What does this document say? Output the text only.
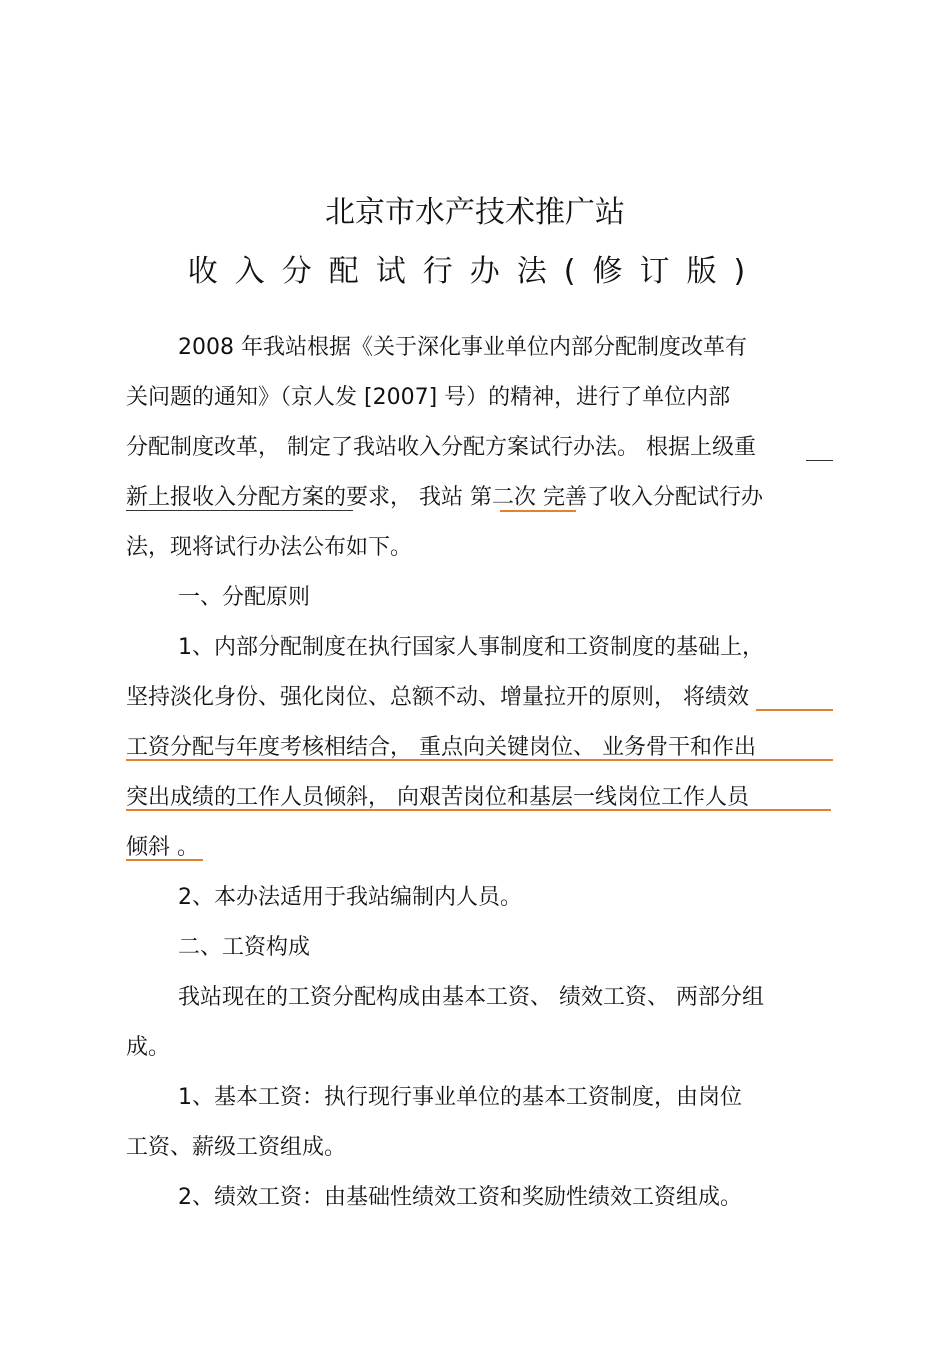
北京市水产技术推广站
收入分配试行办法(修订版)

2008 年我站根据《关于深化事业单位内部分配制度改革有

关问题的通知》（京人发 [2007] 号）的精神，进行了单位内部

分配制度改革， 制定了我站收入分配方案试行办法。 根据上级重

新上报收入分配方案的要求， 我站 第二次 完善了收入分配试行办

法，现将试行办法公布如下。

一、分配原则

1、内部分配制度在执行国家人事制度和工资制度的基础上，

坚持淡化身份、强化岗位、总额不动、增量拉开的原则， 将绩效

工资分配与年度考核相结合， 重点向关键岗位、 业务骨干和作出

突出成绩的工作人员倾斜， 向艰苦岗位和基层一线岗位工作人员

倾斜 。

2、本办法适用于我站编制内人员。

二、工资构成

我站现在的工资分配构成由基本工资、 绩效工资、 两部分组

成。

1、基本工资：执行现行事业单位的基本工资制度，由岗位

工资、薪级工资组成。

2、绩效工资：由基础性绩效工资和奖励性绩效工资组成。
